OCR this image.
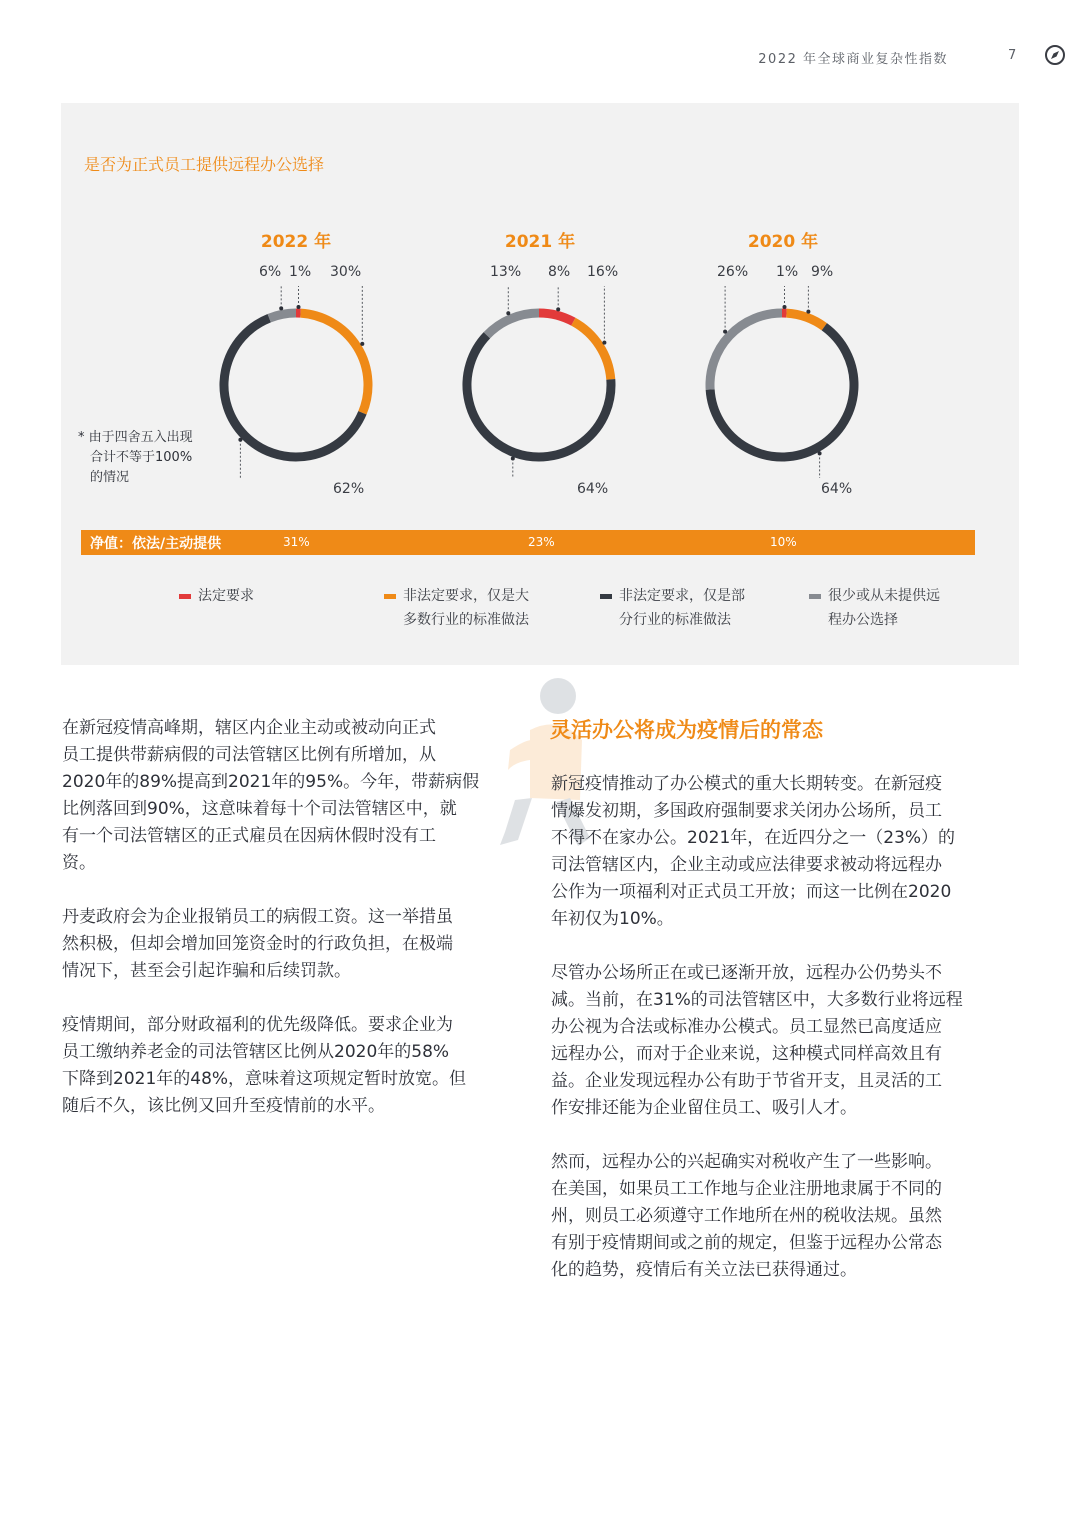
2022 年全球商业复杂性指数	7
是否为正式员工提供远程办公选择
2022 年	2021 年	2020 年
6% 1% 30%
62%
13% 8% 16%
64%
26% 1% 9%
64%
* 由于四舍五入出现
合计不等于100%
的情况
净值：依法/主动提供	31%	23%	10%
法定要求	非法定要求，仅是大
多数行业的标准做法
非法定要求，仅是部
分行业的标准做法
很少或从未提供远
程办公选择

在新冠疫情高峰期，辖区内企业主动或被动向正式
员工提供带薪病假的司法管辖区比例有所增加，从
2020年的89%提高到2021年的95%。今年，带薪病假
比例落回到90%，这意味着每十个司法管辖区中，就
有一个司法管辖区的正式雇员在因病休假时没有工
资。

丹麦政府会为企业报销员工的病假工资。这一举措虽
然积极，但却会增加回笼资金时的行政负担，在极端
情况下，甚至会引起诈骗和后续罚款。

疫情期间，部分财政福利的优先级降低。要求企业为
员工缴纳养老金的司法管辖区比例从2020年的58%
下降到2021年的48%，意味着这项规定暂时放宽。但
随后不久，该比例又回升至疫情前的水平。

灵活办公将成为疫情后的常态

新冠疫情推动了办公模式的重大长期转变。在新冠疫
情爆发初期，多国政府强制要求关闭办公场所，员工
不得不在家办公。2021年，在近四分之一（23%）的
司法管辖区内，企业主动或应法律要求被动将远程办
公作为一项福利对正式员工开放；而这一比例在2020
年初仅为10%。

尽管办公场所正在或已逐渐开放，远程办公仍势头不
减。当前，在31%的司法管辖区中，大多数行业将远程
办公视为合法或标准办公模式。员工显然已高度适应
远程办公，而对于企业来说，这种模式同样高效且有
益。企业发现远程办公有助于节省开支，且灵活的工
作安排还能为企业留住员工、吸引人才。

然而，远程办公的兴起确实对税收产生了一些影响。
在美国，如果员工工作地与企业注册地隶属于不同的
州，则员工必须遵守工作地所在州的税收法规。虽然
有别于疫情期间或之前的规定，但鉴于远程办公常态
化的趋势，疫情后有关立法已获得通过。
